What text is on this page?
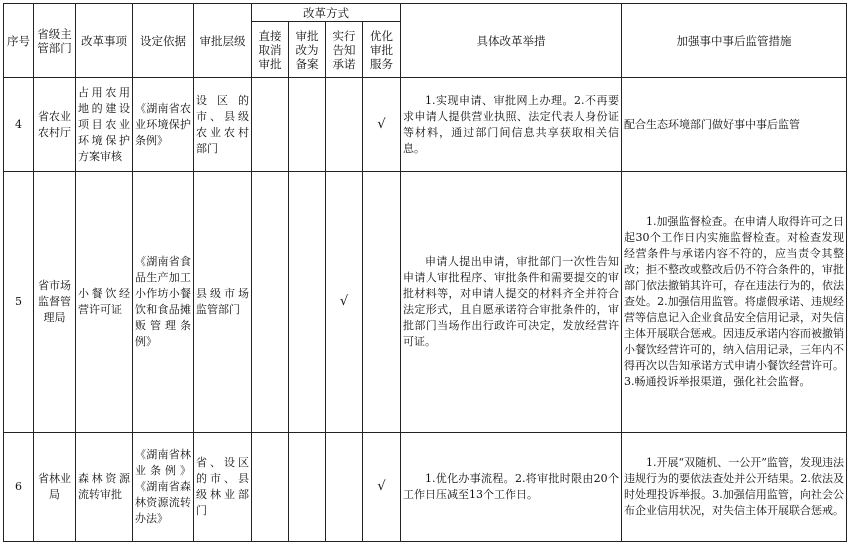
序号	省级主管部门	改革事项	设定依据	审批层级	改革方式				具体改革举措	加强事中事后监管措施
					直接取消审批	审批改为备案	实行告知承诺	优化审批服务		
4	省农业农村厅	占用农用地的建设项目农业环境保护方案审核	《湖南省农业环境保护条例》	设区的市、县级农业农村部门				√	1.实现申请、审批网上办理。2.不再要求申请人提供营业执照、法定代表人身份证等材料，通过部门间信息共享获取相关信息。	配合生态环境部门做好事中事后监管
5	省市场监督管理局	小餐饮经营许可证	《湖南省食品生产加工小作坊小餐饮和食品摊贩管理条例》	县级市场监管部门			√		申请人提出申请，审批部门一次性告知申请人审批程序、审批条件和需要提交的审批材料等，对申请人提交的材料齐全并符合法定形式，且自愿承诺符合审批条件的，审批部门当场作出行政许可决定，发放经营许可证。	1.加强监督检查。在申请人取得许可之日起30个工作日内实施监督检查。对检查发现经营条件与承诺内容不符的，应当责令其整改；拒不整改或整改后仍不符合条件的，审批部门依法撤销其许可，存在违法行为的，依法查处。2.加强信用监管。将虚假承诺、违规经营等信息记入企业食品安全信用记录，对失信主体开展联合惩戒。因违反承诺内容而被撤销小餐饮经营许可的，纳入信用记录，三年内不得再次以告知承诺方式申请小餐饮经营许可。3.畅通投诉举报渠道，强化社会监督。
6	省林业局	森林资源流转审批	《湖南省林业条例》《湖南省森林资源流转办法》	省、设区的市、县级林业部门				√	1.优化办事流程。2.将审批时限由20个工作日压减至13个工作日。	1.开展“双随机、一公开”监管，发现违法违规行为的要依法查处并公开结果。2.依法及时处理投诉举报。3.加强信用监管，向社会公布企业信用状况，对失信主体开展联合惩戒。
